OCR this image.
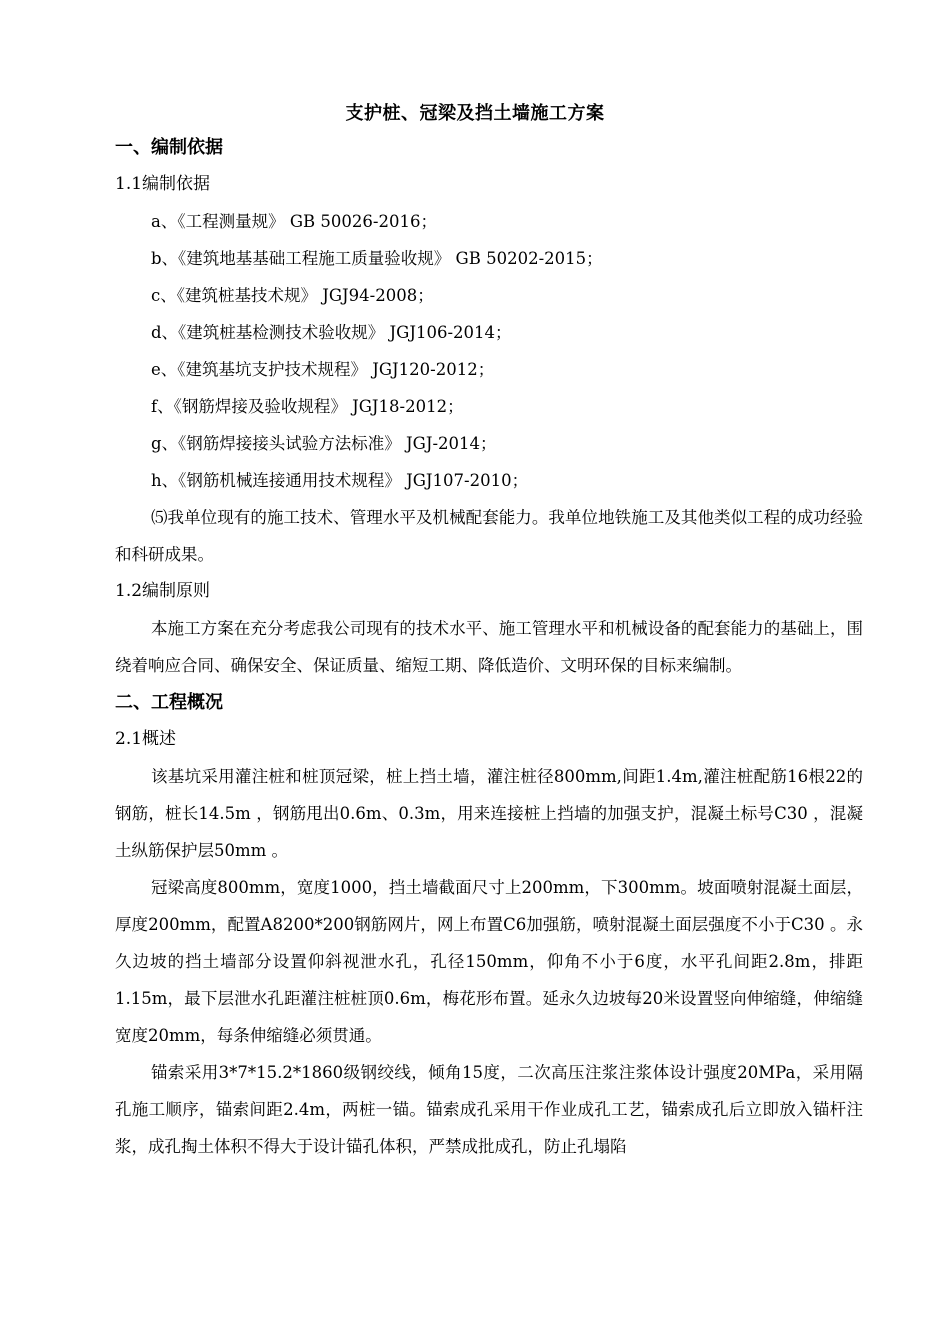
支护桩、冠梁及挡土墙施工方案

一、编制依据

1.1编制依据

a、《工程测量规》 GB 50026-2016；

b、《建筑地基基础工程施工质量验收规》 GB 50202-2015；

c、《建筑桩基技术规》 JGJ94-2008；

d、《建筑桩基检测技术验收规》 JGJ106-2014；

e、《建筑基坑支护技术规程》 JGJ120-2012；

f、《钢筋焊接及验收规程》 JGJ18-2012；

g、《钢筋焊接接头试验方法标准》 JGJ-2014；

h、《钢筋机械连接通用技术规程》 JGJ107-2010；

⑸我单位现有的施工技术、管理水平及机械配套能力。我单位地铁施工及其他类似工程的成功经验和科研成果。

1.2编制原则

本施工方案在充分考虑我公司现有的技术水平、施工管理水平和机械设备的配套能力的基础上，围绕着响应合同、确保安全、保证质量、缩短工期、降低造价、文明环保的目标来编制。

二、工程概况

2.1概述

该基坑采用灌注桩和桩顶冠梁，桩上挡土墙，灌注桩径800mm,间距1.4m,灌注桩配筋16根22的钢筋，桩长14.5m ，钢筋甩出0.6m、0.3m，用来连接桩上挡墙的加强支护，混凝土标号C30 ，混凝土纵筋保护层50mm 。

冠梁高度800mm，宽度1000，挡土墙截面尺寸上200mm，下300mm。坡面喷射混凝土面层，厚度200mm，配置A8200*200钢筋网片，网上布置C6加强筋，喷射混凝土面层强度不小于C30 。永久边坡的挡土墙部分设置仰斜视泄水孔，孔径150mm，仰角不小于6度，水平孔间距2.8m，排距1.15m，最下层泄水孔距灌注桩桩顶0.6m，梅花形布置。延永久边坡每20米设置竖向伸缩缝，伸缩缝宽度20mm，每条伸缩缝必须贯通。

锚索采用3*7*15.2*1860级钢绞线，倾角15度，二次高压注浆注浆体设计强度20MPa，采用隔孔施工顺序，锚索间距2.4m，两桩一锚。锚索成孔采用干作业成孔工艺，锚索成孔后立即放入锚杆注浆，成孔掏土体积不得大于设计锚孔体积，严禁成批成孔，防止孔塌陷
